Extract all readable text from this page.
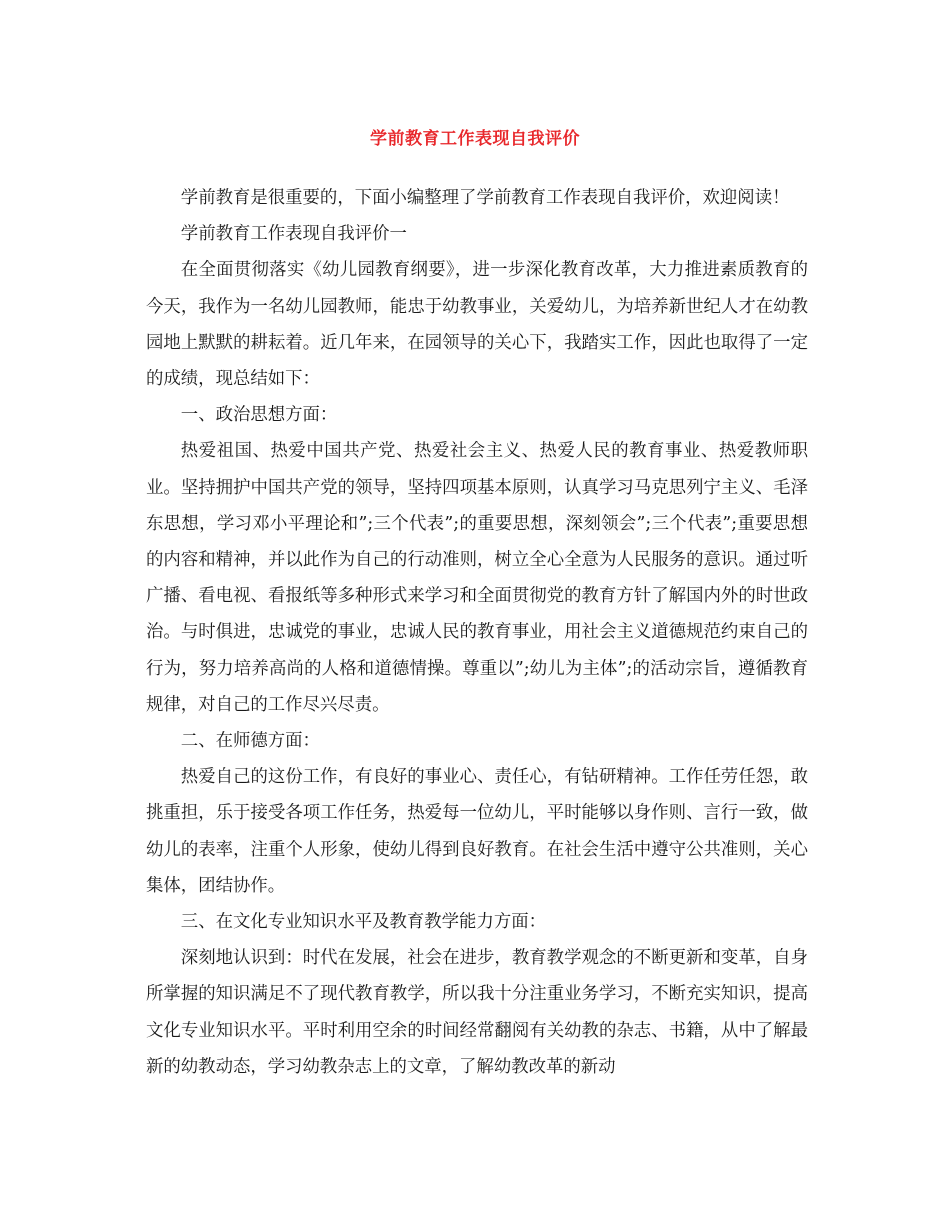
学前教育工作表现自我评价

学前教育是很重要的，下面小编整理了学前教育工作表现自我评价，欢迎阅读！

学前教育工作表现自我评价一

在全面贯彻落实《幼儿园教育纲要》，进一步深化教育改革，大力推进素质教育的今天，我作为一名幼儿园教师，能忠于幼教事业，关爱幼儿，为培养新世纪人才在幼教园地上默默的耕耘着。近几年来，在园领导的关心下，我踏实工作，因此也取得了一定的成绩，现总结如下：

一、政治思想方面：

热爱祖国、热爱中国共产党、热爱社会主义、热爱人民的教育事业、热爱教师职业。坚持拥护中国共产党的领导，坚持四项基本原则，认真学习马克思列宁主义、毛泽东思想，学习邓小平理论和”;三个代表”;的重要思想，深刻领会”;三个代表”;重要思想的内容和精神，并以此作为自己的行动准则，树立全心全意为人民服务的意识。通过听广播、看电视、看报纸等多种形式来学习和全面贯彻党的教育方针了解国内外的时世政治。与时俱进，忠诚党的事业，忠诚人民的教育事业，用社会主义道德规范约束自己的行为，努力培养高尚的人格和道德情操。尊重以”;幼儿为主体”;的活动宗旨，遵循教育规律，对自己的工作尽兴尽责。

二、在师德方面：

热爱自己的这份工作，有良好的事业心、责任心，有钻研精神。工作任劳任怨，敢挑重担，乐于接受各项工作任务，热爱每一位幼儿，平时能够以身作则、言行一致，做幼儿的表率，注重个人形象，使幼儿得到良好教育。在社会生活中遵守公共准则，关心集体，团结协作。

三、在文化专业知识水平及教育教学能力方面：

深刻地认识到：时代在发展，社会在进步，教育教学观念的不断更新和变革，自身所掌握的知识满足不了现代教育教学，所以我十分注重业务学习，不断充实知识，提高文化专业知识水平。平时利用空余的时间经常翻阅有关幼教的杂志、书籍，从中了解最新的幼教动态，学习幼教杂志上的文章，了解幼教改革的新动
